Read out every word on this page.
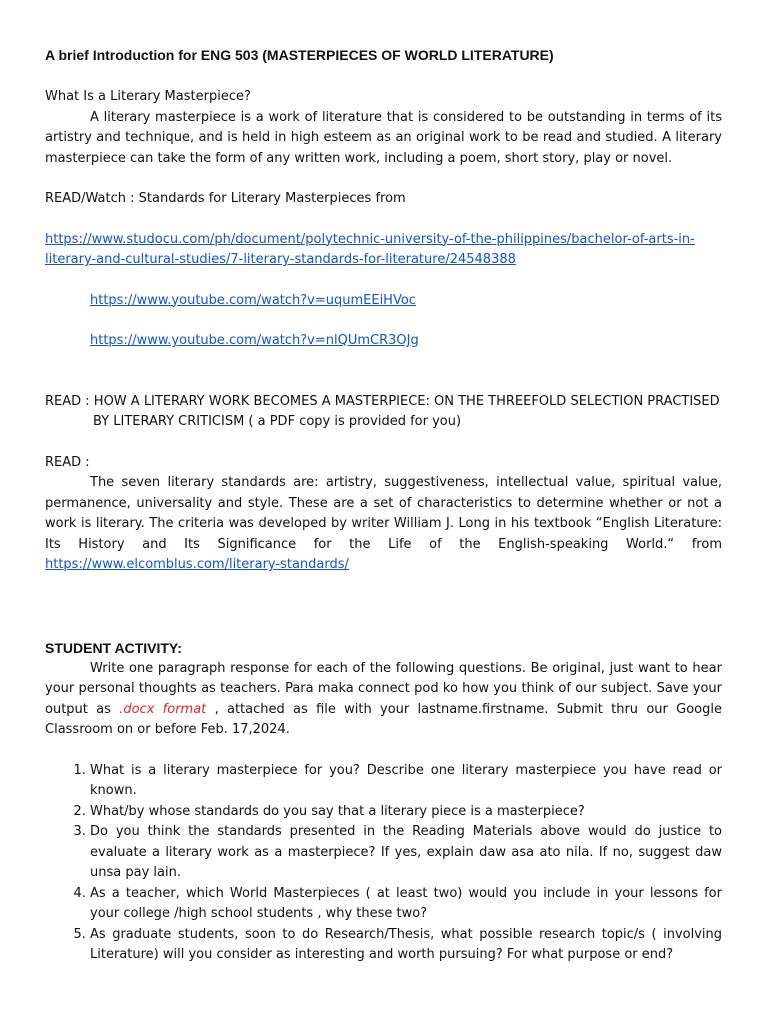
A brief Introduction for ENG 503 (MASTERPIECES OF WORLD LITERATURE)

What Is a Literary Masterpiece?

A literary masterpiece is a work of literature that is considered to be outstanding in terms of its artistry and technique, and is held in high esteem as an original work to be read and studied. A literary masterpiece can take the form of any written work, including a poem, short story, play or novel.

READ/Watch : Standards for Literary Masterpieces from

https://www.studocu.com/ph/document/polytechnic-university-of-the-philippines/bachelor-of-arts-in-literary-and-cultural-studies/7-literary-standards-for-literature/24548388

https://www.youtube.com/watch?v=uqumEEiHVoc

https://www.youtube.com/watch?v=nlQUmCR3OJg

READ : HOW A LITERARY WORK BECOMES A MASTERPIECE: ON THE THREEFOLD SELECTION PRACTISED

BY LITERARY CRITICISM ( a PDF copy is provided for you)

READ :

The seven literary standards are: artistry, suggestiveness, intellectual value, spiritual value, permanence, universality and style. These are a set of characteristics to determine whether or not a work is literary. The criteria was developed by writer William J. Long in his textbook “English Literature: Its History and Its Significance for the Life of the English-speaking World.“ from https://www.elcomblus.com/literary-standards/

STUDENT ACTIVITY:

Write one paragraph response for each of the following questions. Be original, just want to hear your personal thoughts as teachers. Para maka connect pod ko how you think of our subject. Save your output as .docx format , attached as file with your lastname.firstname. Submit thru our Google Classroom on or before Feb. 17,2024.

1. What is a literary masterpiece for you? Describe one literary masterpiece you have read or known.
2. What/by whose standards do you say that a literary piece is a masterpiece?
3. Do you think the standards presented in the Reading Materials above would do justice to evaluate a literary work as a masterpiece? If yes, explain daw asa ato nila. If no, suggest daw unsa pay lain.
4. As a teacher, which World Masterpieces ( at least two) would you include in your lessons for your college /high school students , why these two?
5. As graduate students, soon to do Research/Thesis, what possible research topic/s ( involving Literature) will you consider as interesting and worth pursuing? For what purpose or end?
